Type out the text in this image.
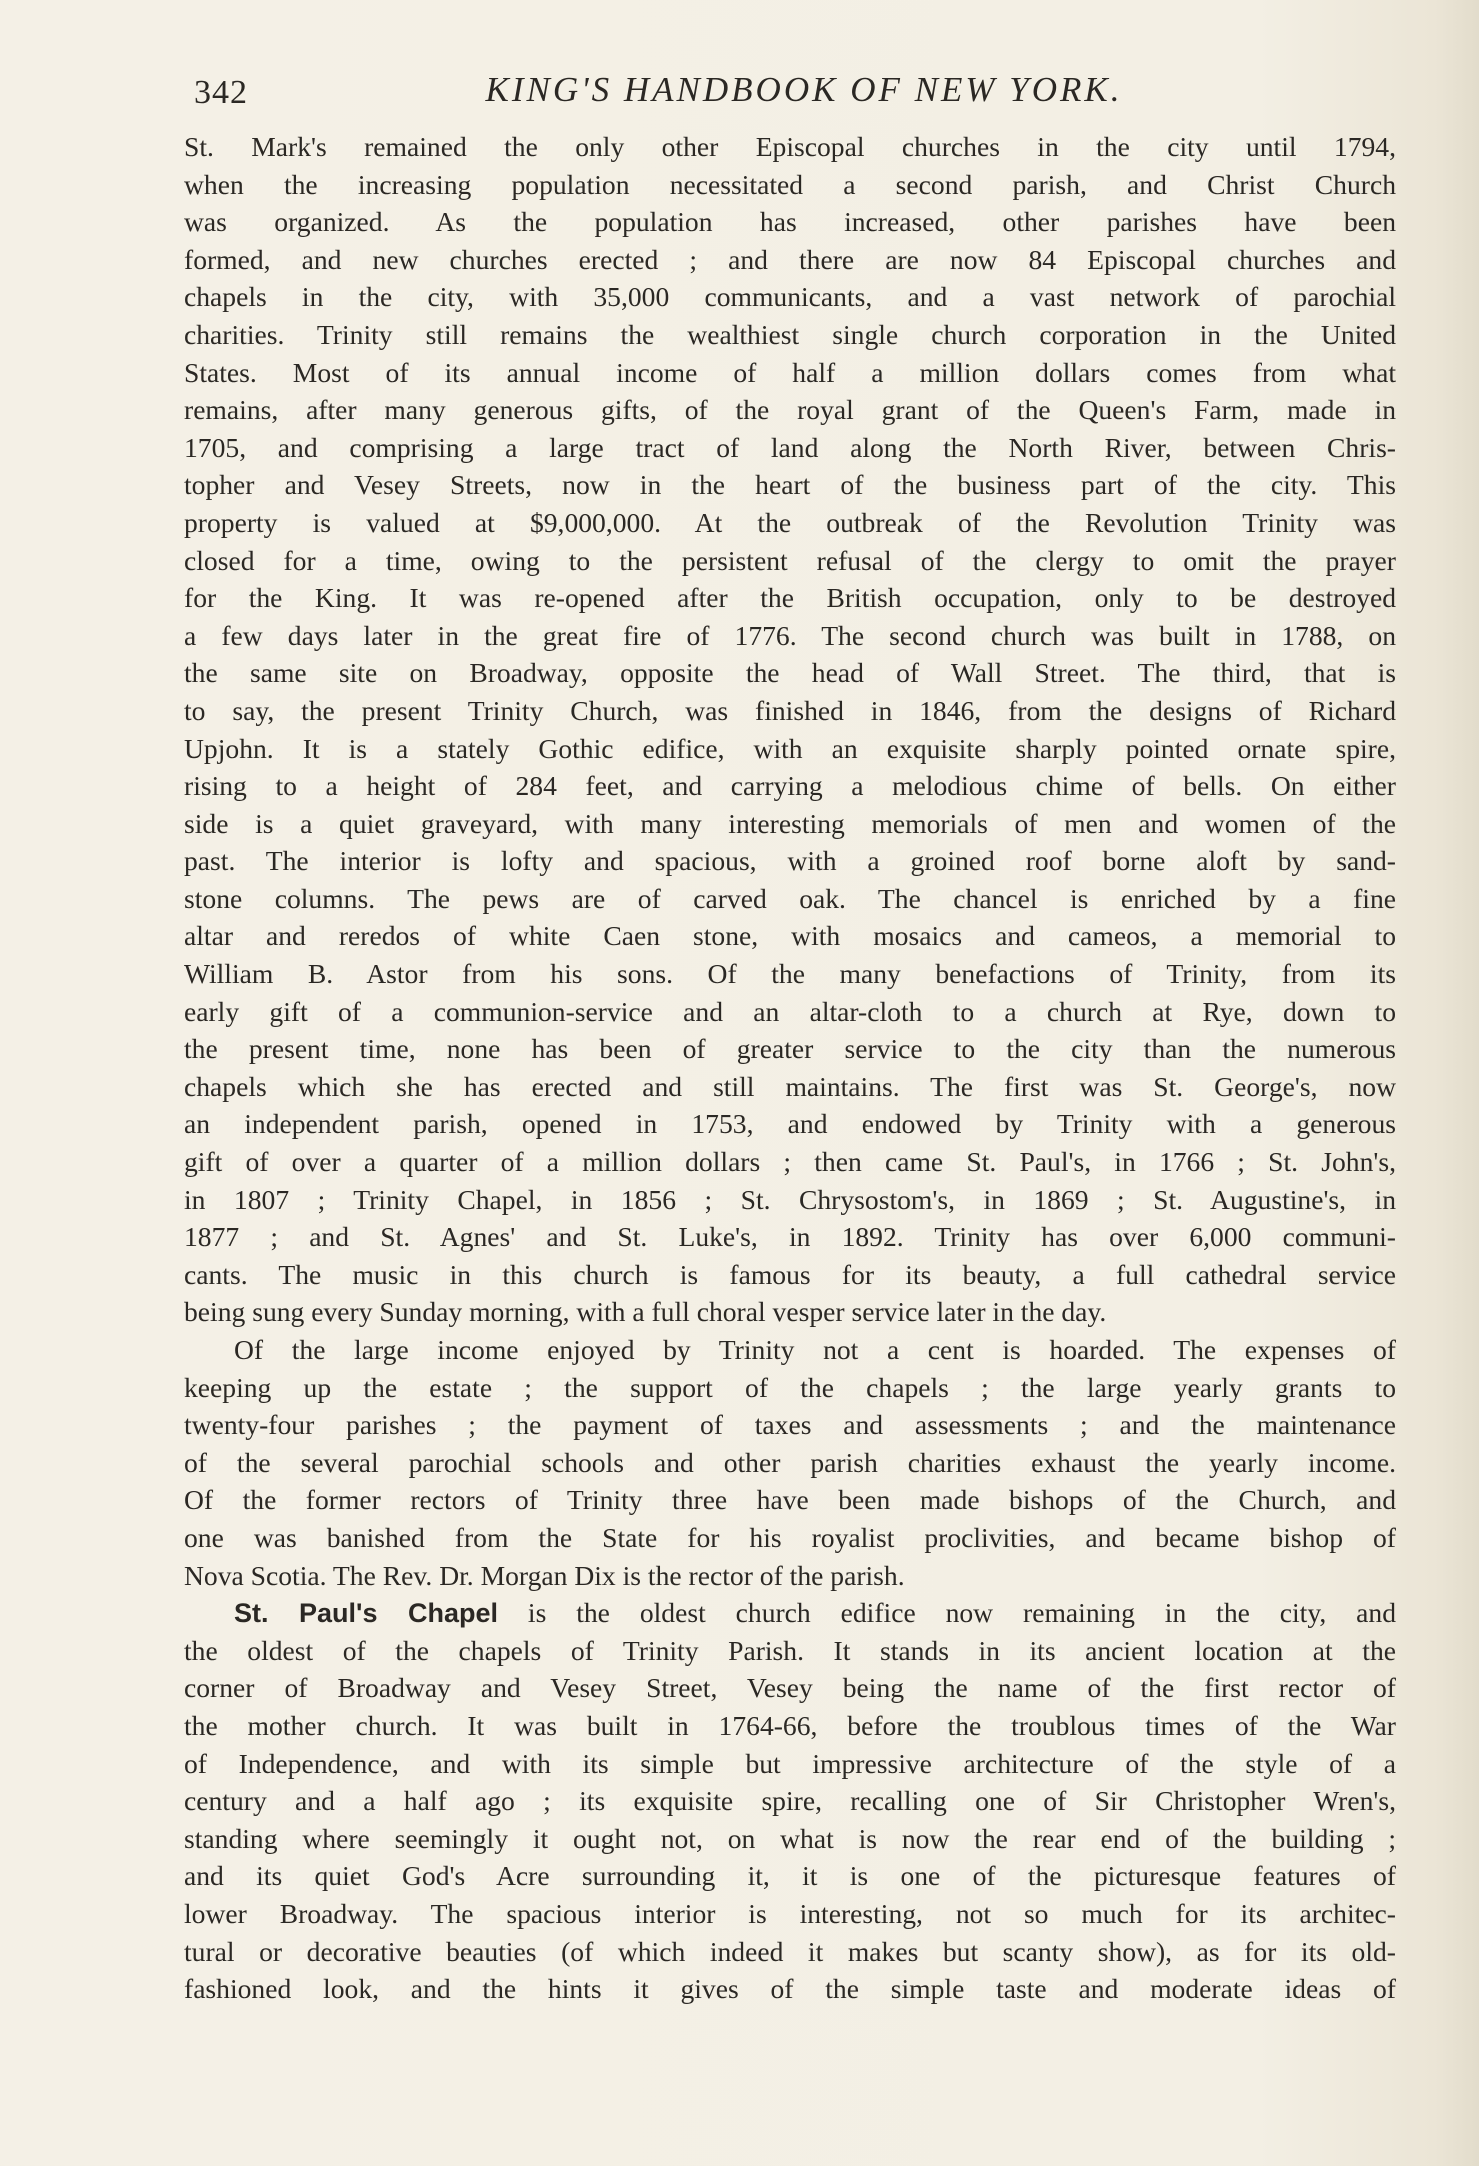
342	KING'S HANDBOOK OF NEW YORK.
St. Mark's remained the only other Episcopal churches in the city until 1794,
when the increasing population necessitated a second parish, and Christ Church
was organized. As the population has increased, other parishes have been
formed, and new churches erected ; and there are now 84 Episcopal churches and
chapels in the city, with 35,000 communicants, and a vast network of parochial
charities. Trinity still remains the wealthiest single church corporation in the United
States. Most of its annual income of half a million dollars comes from what
remains, after many generous gifts, of the royal grant of the Queen's Farm, made in
1705, and comprising a large tract of land along the North River, between Chris-
topher and Vesey Streets, now in the heart of the business part of the city. This
property is valued at $9,000,000. At the outbreak of the Revolution Trinity was
closed for a time, owing to the persistent refusal of the clergy to omit the prayer
for the King. It was re-opened after the British occupation, only to be destroyed
a few days later in the great fire of 1776. The second church was built in 1788, on
the same site on Broadway, opposite the head of Wall Street. The third, that is
to say, the present Trinity Church, was finished in 1846, from the designs of Richard
Upjohn. It is a stately Gothic edifice, with an exquisite sharply pointed ornate spire,
rising to a height of 284 feet, and carrying a melodious chime of bells. On either
side is a quiet graveyard, with many interesting memorials of men and women of the
past. The interior is lofty and spacious, with a groined roof borne aloft by sand-
stone columns. The pews are of carved oak. The chancel is enriched by a fine
altar and reredos of white Caen stone, with mosaics and cameos, a memorial to
William B. Astor from his sons. Of the many benefactions of Trinity, from its
early gift of a communion-service and an altar-cloth to a church at Rye, down to
the present time, none has been of greater service to the city than the numerous
chapels which she has erected and still maintains. The first was St. George's, now
an independent parish, opened in 1753, and endowed by Trinity with a generous
gift of over a quarter of a million dollars ; then came St. Paul's, in 1766 ; St. John's,
in 1807 ; Trinity Chapel, in 1856 ; St. Chrysostom's, in 1869 ; St. Augustine's, in
1877 ; and St. Agnes' and St. Luke's, in 1892. Trinity has over 6,000 communi-
cants. The music in this church is famous for its beauty, a full cathedral service
being sung every Sunday morning, with a full choral vesper service later in the day.
Of the large income enjoyed by Trinity not a cent is hoarded. The expenses of
keeping up the estate ; the support of the chapels ; the large yearly grants to
twenty-four parishes ; the payment of taxes and assessments ; and the maintenance
of the several parochial schools and other parish charities exhaust the yearly income.
Of the former rectors of Trinity three have been made bishops of the Church, and
one was banished from the State for his royalist proclivities, and became bishop of
Nova Scotia. The Rev. Dr. Morgan Dix is the rector of the parish.
St. Paul's Chapel is the oldest church edifice now remaining in the city, and
the oldest of the chapels of Trinity Parish. It stands in its ancient location at the
corner of Broadway and Vesey Street, Vesey being the name of the first rector of
the mother church. It was built in 1764-66, before the troublous times of the War
of Independence, and with its simple but impressive architecture of the style of a
century and a half ago ; its exquisite spire, recalling one of Sir Christopher Wren's,
standing where seemingly it ought not, on what is now the rear end of the building ;
and its quiet God's Acre surrounding it, it is one of the picturesque features of
lower Broadway. The spacious interior is interesting, not so much for its architec-
tural or decorative beauties (of which indeed it makes but scanty show), as for its old-
fashioned look, and the hints it gives of the simple taste and moderate ideas of
